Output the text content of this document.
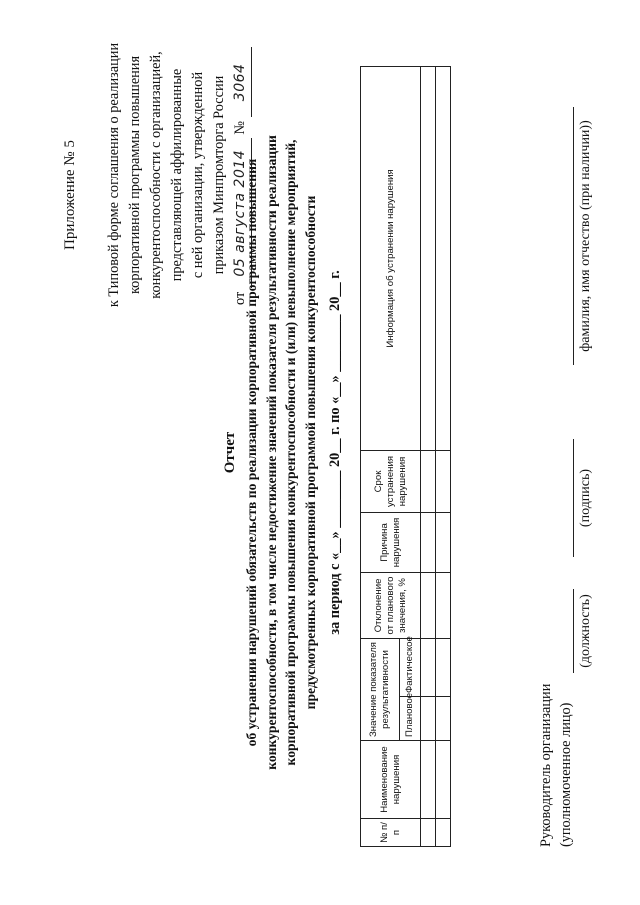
Приложение № 5 к Типовой форме соглашения о реализации корпоративной программы повышения конкурентоспособности с организацией, представляющей аффилированные с ней организации, утвержденной приказом Минпромторга России
от 05 августа 2014 № 3064
Отчет об устранении нарушений обязательств по реализации корпоративной программы повышения конкурентоспособности, в том числе недостижение значений показателя результативности реализации корпоративной программы повышения конкурентоспособности и (или) невыполнение мероприятий, предусмотренных корпоративной программой повышения конкурентоспособности за период с «__» ________ 20__ г. по «__» ________ 20__ г.
№ п/п	Наименование нарушения	Значение показателя результативности		Отклонение от планового значения, %	Причина нарушения	Срок устранения нарушения	Информация об устранении нарушения
		Плановое	Фактическое				

Руководитель организации (уполномоченное лицо)
(должность)
(подпись)
фамилия, имя отчество (при наличии))
